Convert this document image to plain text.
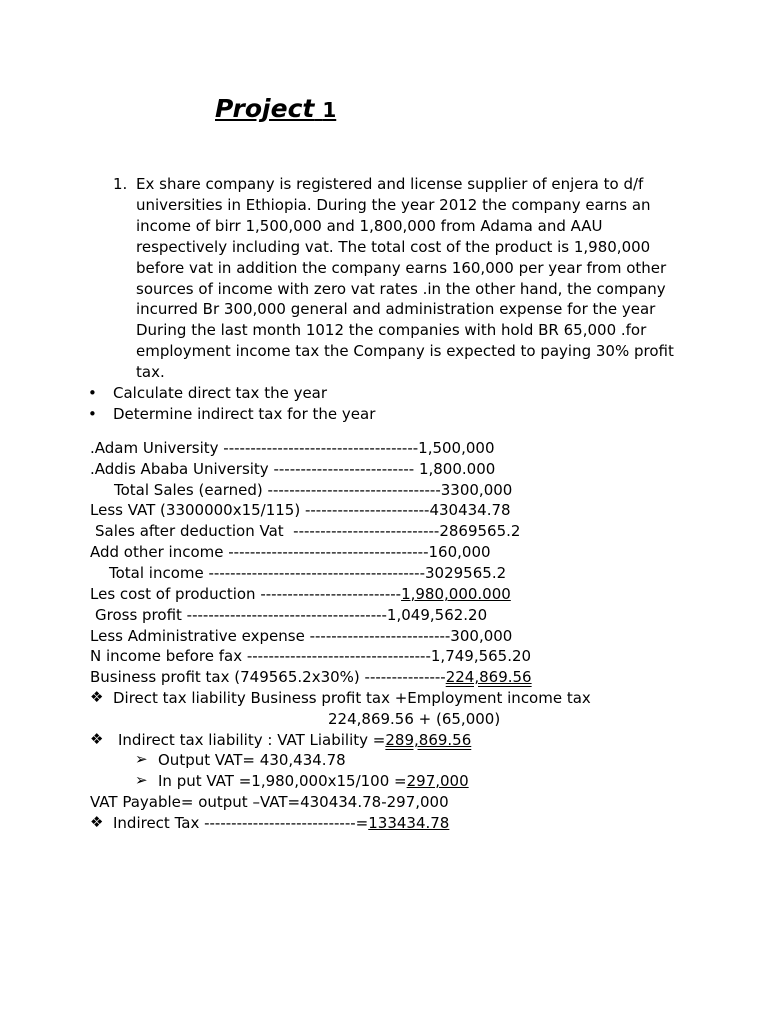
Project 1
1. Ex share company is registered and license supplier of enjera to d/f universities in Ethiopia. During the year 2012 the company earns an income of birr 1,500,000 and 1,800,000 from Adama and AAU respectively including vat. The total cost of the product is 1,980,000 before vat in addition the company earns 160,000 per year from other sources of income with zero vat rates .in the other hand, the company incurred Br 300,000 general and administration expense for the year During the last month 1012 the companies with hold BR 65,000 .for employment income tax the Company is expected to paying 30% profit tax.
• Calculate direct tax the year
• Determine indirect tax for the year
.Adam University ------------------------------------1,500,000
.Addis Ababa University -------------------------- 1,800.000
Total Sales (earned) --------------------------------3300,000
Less VAT (3300000x15/115) -----------------------430434.78
Sales after deduction Vat  ---------------------------2869565.2
Add other income -------------------------------------160,000
Total income ----------------------------------------3029565.2
Les cost of production --------------------------1,980,000.000
Gross profit -------------------------------------1,049,562.20
Less Administrative expense --------------------------300,000
N income before fax ----------------------------------1,749,565.20
Business profit tax (749565.2x30%) ---------------224,869.56
❖ Direct tax liability Business profit tax +Employment income tax
224,869.56 + (65,000)
❖ Indirect tax liability : VAT Liability =289,869.56
➢ Output VAT= 430,434.78
➢ In put VAT =1,980,000x15/100 =297,000
VAT Payable= output –VAT=430434.78-297,000
❖ Indirect Tax ----------------------------=133434.78
